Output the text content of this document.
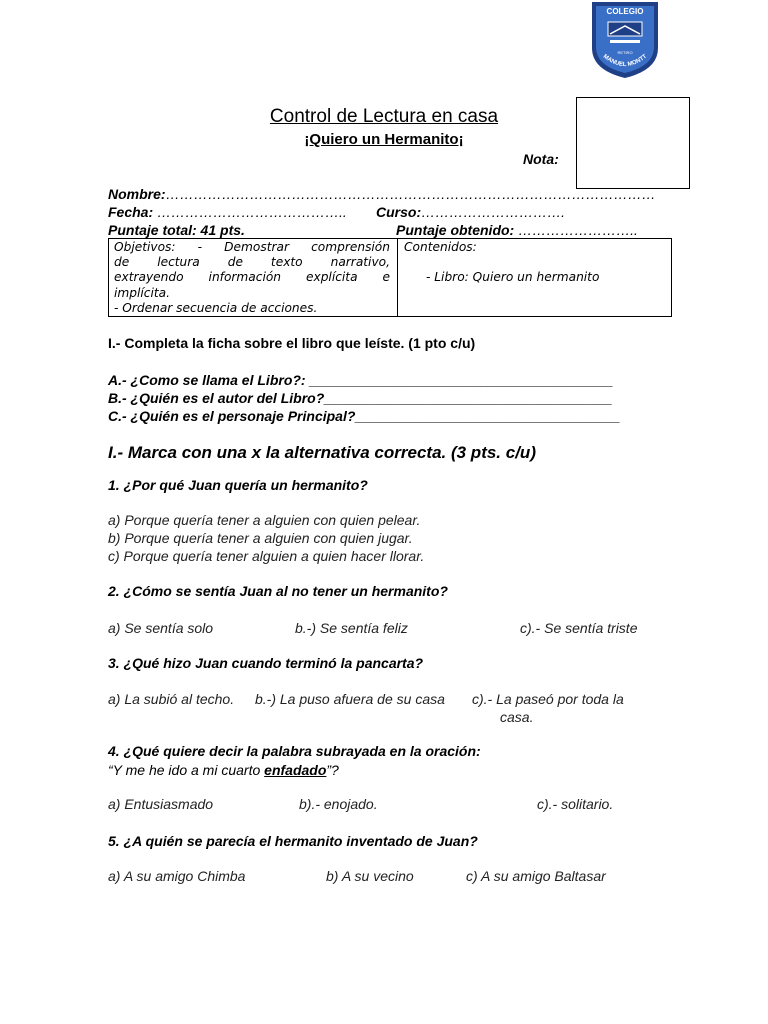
COLEGIO
RETIRO
MANUEL MONTT
Control de Lectura en casa
¡Quiero un Hermanito¡
Nota:
Nombre:……………………………………………………………………………………………
Fecha: ………………………………….. Curso:………………………….
Puntaje total: 41 pts.	Puntaje obtenido: ……………………..
Objetivos: - Demostrar comprensión
de lectura de texto narrativo,
extrayendo información explícita e
implícita.
- Ordenar secuencia de acciones.
Contenidos:
- Libro: Quiero un hermanito
I.- Completa la ficha sobre el libro que leíste. (1 pto c/u)
A.- ¿Como se llama el Libro?: _______________________________________
B.- ¿Quién es el autor del Libro?_____________________________________
C.- ¿Quién es el personaje Principal?__________________________________
I.- Marca con una x la alternativa correcta. (3 pts. c/u)
1. ¿Por qué Juan quería un hermanito?
a) Porque quería tener a alguien con quien pelear.
b) Porque quería tener a alguien con quien jugar.
c) Porque quería tener alguien a quien hacer llorar.
2. ¿Cómo se sentía Juan al no tener un hermanito?
a) Se sentía solo	b.-) Se sentía feliz	c).- Se sentía triste
3. ¿Qué hizo Juan cuando terminó la pancarta?
a) La subió al techo. b.-) La puso afuera de su casa c).- La paseó por toda la
casa.
4. ¿Qué quiere decir la palabra subrayada en la oración:
“Y me he ido a mi cuarto enfadado”?
a) Entusiasmado	b).- enojado.	c).- solitario.
5. ¿A quién se parecía el hermanito inventado de Juan?
a) A su amigo Chimba	b) A su vecino	c) A su amigo Baltasar
